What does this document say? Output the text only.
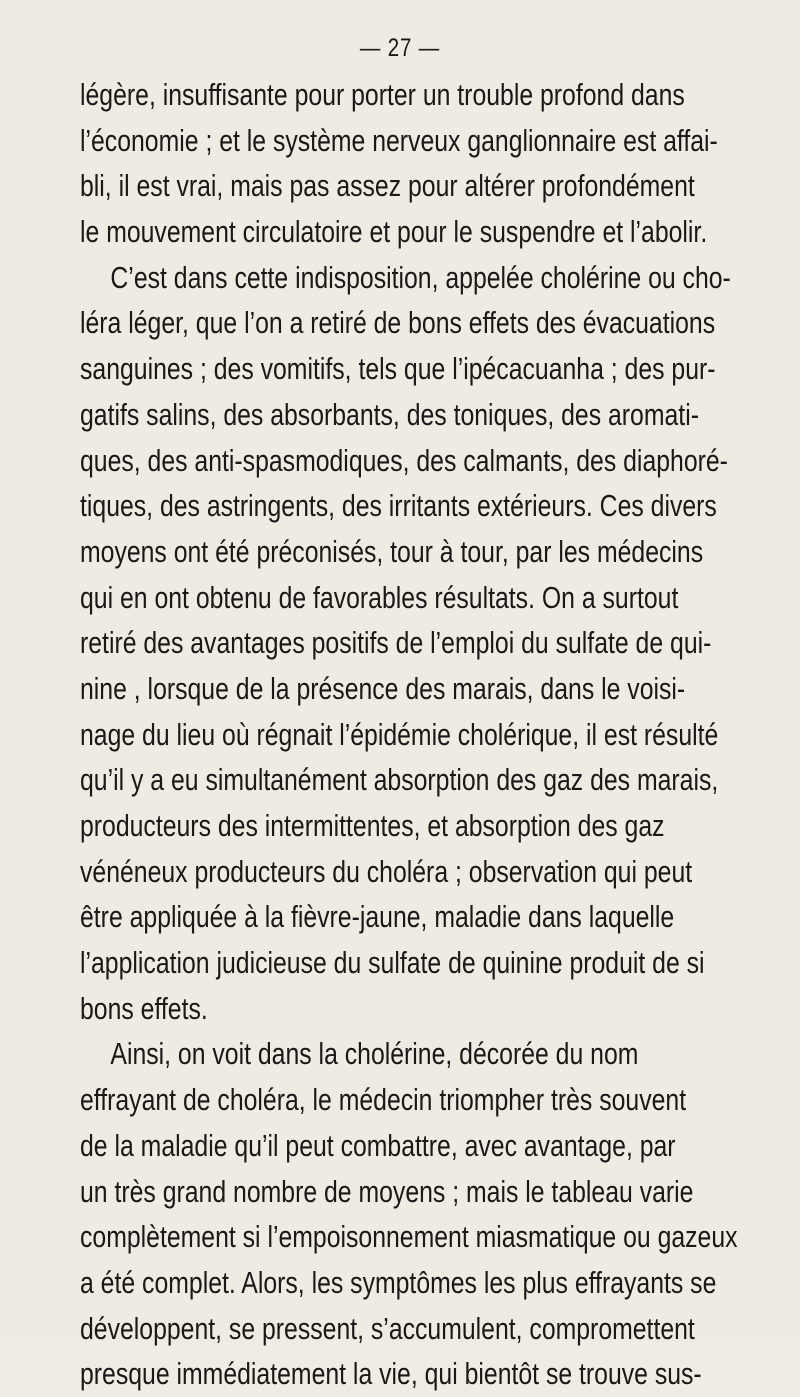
— 27 —
légère, insuffisante pour porter un trouble profond dans
l’économie ; et le système nerveux ganglionnaire est affai-
bli, il est vrai, mais pas assez pour altérer profondément
le mouvement circulatoire et pour le suspendre et l’abolir.
C’est dans cette indisposition, appelée cholérine ou cho-
léra léger, que l’on a retiré de bons effets des évacuations
sanguines ; des vomitifs, tels que l’ipécacuanha ; des pur-
gatifs salins, des absorbants, des toniques, des aromati-
ques, des anti-spasmodiques, des calmants, des diaphoré-
tiques, des astringents, des irritants extérieurs. Ces divers
moyens ont été préconisés, tour à tour, par les médecins
qui en ont obtenu de favorables résultats. On a surtout
retiré des avantages positifs de l’emploi du sulfate de qui-
nine , lorsque de la présence des marais, dans le voisi-
nage du lieu où régnait l’épidémie cholérique, il est résulté
qu’il y a eu simultanément absorption des gaz des marais,
producteurs des intermittentes, et absorption des gaz
vénéneux producteurs du choléra ; observation qui peut
être appliquée à la fièvre-jaune, maladie dans laquelle
l’application judicieuse du sulfate de quinine produit de si
bons effets.
Ainsi, on voit dans la cholérine, décorée du nom
effrayant de choléra, le médecin triompher très souvent
de la maladie qu’il peut combattre, avec avantage, par
un très grand nombre de moyens ; mais le tableau varie
complètement si l’empoisonnement miasmatique ou gazeux
a été complet. Alors, les symptômes les plus effrayants se
développent, se pressent, s’accumulent, compromettent
presque immédiatement la vie, qui bientôt se trouve sus-
